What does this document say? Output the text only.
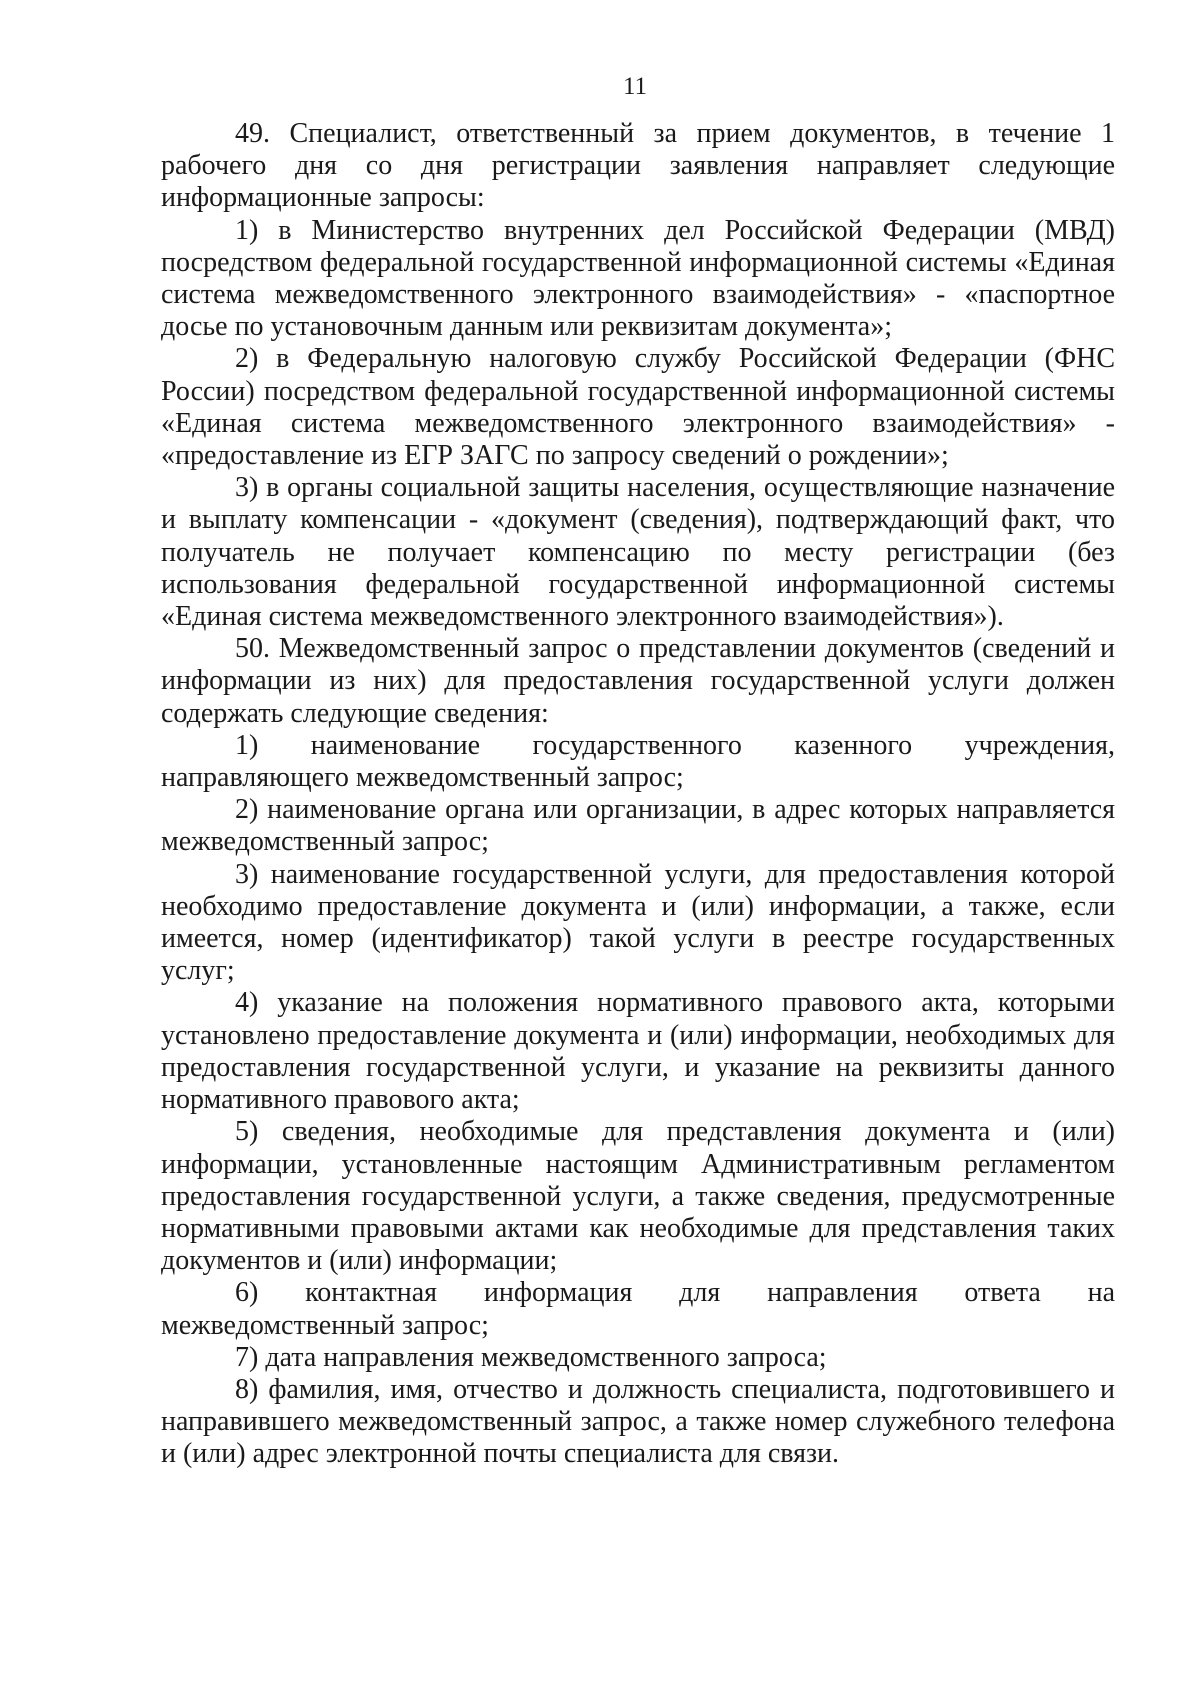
11

49. Специалист, ответственный за прием документов, в течение 1 рабочего дня со дня регистрации заявления направляет следующие информационные запросы:

1) в Министерство внутренних дел Российской Федерации (МВД) посредством федеральной государственной информационной системы «Единая система межведомственного электронного взаимодействия» - «паспортное досье по установочным данным или реквизитам документа»;

2) в Федеральную налоговую службу Российской Федерации (ФНС России) посредством федеральной государственной информационной системы «Единая система межведомственного электронного взаимодействия» - «предоставление из ЕГР ЗАГС по запросу сведений о рождении»;

3) в органы социальной защиты населения, осуществляющие назначение и выплату компенсации - «документ (сведения), подтверждающий факт, что получатель не получает компенсацию по месту регистрации (без использования федеральной государственной информационной системы «Единая система межведомственного электронного взаимодействия»).

50. Межведомственный запрос о представлении документов (сведений и информации из них) для предоставления государственной услуги должен содержать следующие сведения:

1) наименование государственного казенного учреждения, направляющего межведомственный запрос;

2) наименование органа или организации, в адрес которых направляется межведомственный запрос;

3) наименование государственной услуги, для предоставления которой необходимо предоставление документа и (или) информации, а также, если имеется, номер (идентификатор) такой услуги в реестре государственных услуг;

4) указание на положения нормативного правового акта, которыми установлено предоставление документа и (или) информации, необходимых для предоставления государственной услуги, и указание на реквизиты данного нормативного правового акта;

5) сведения, необходимые для представления документа и (или) информации, установленные настоящим Административным регламентом предоставления государственной услуги, а также сведения, предусмотренные нормативными правовыми актами как необходимые для представления таких документов и (или) информации;

6) контактная информация для направления ответа на межведомственный запрос;

7) дата направления межведомственного запроса;

8) фамилия, имя, отчество и должность специалиста, подготовившего и направившего межведомственный запрос, а также номер служебного телефона и (или) адрес электронной почты специалиста для связи.
